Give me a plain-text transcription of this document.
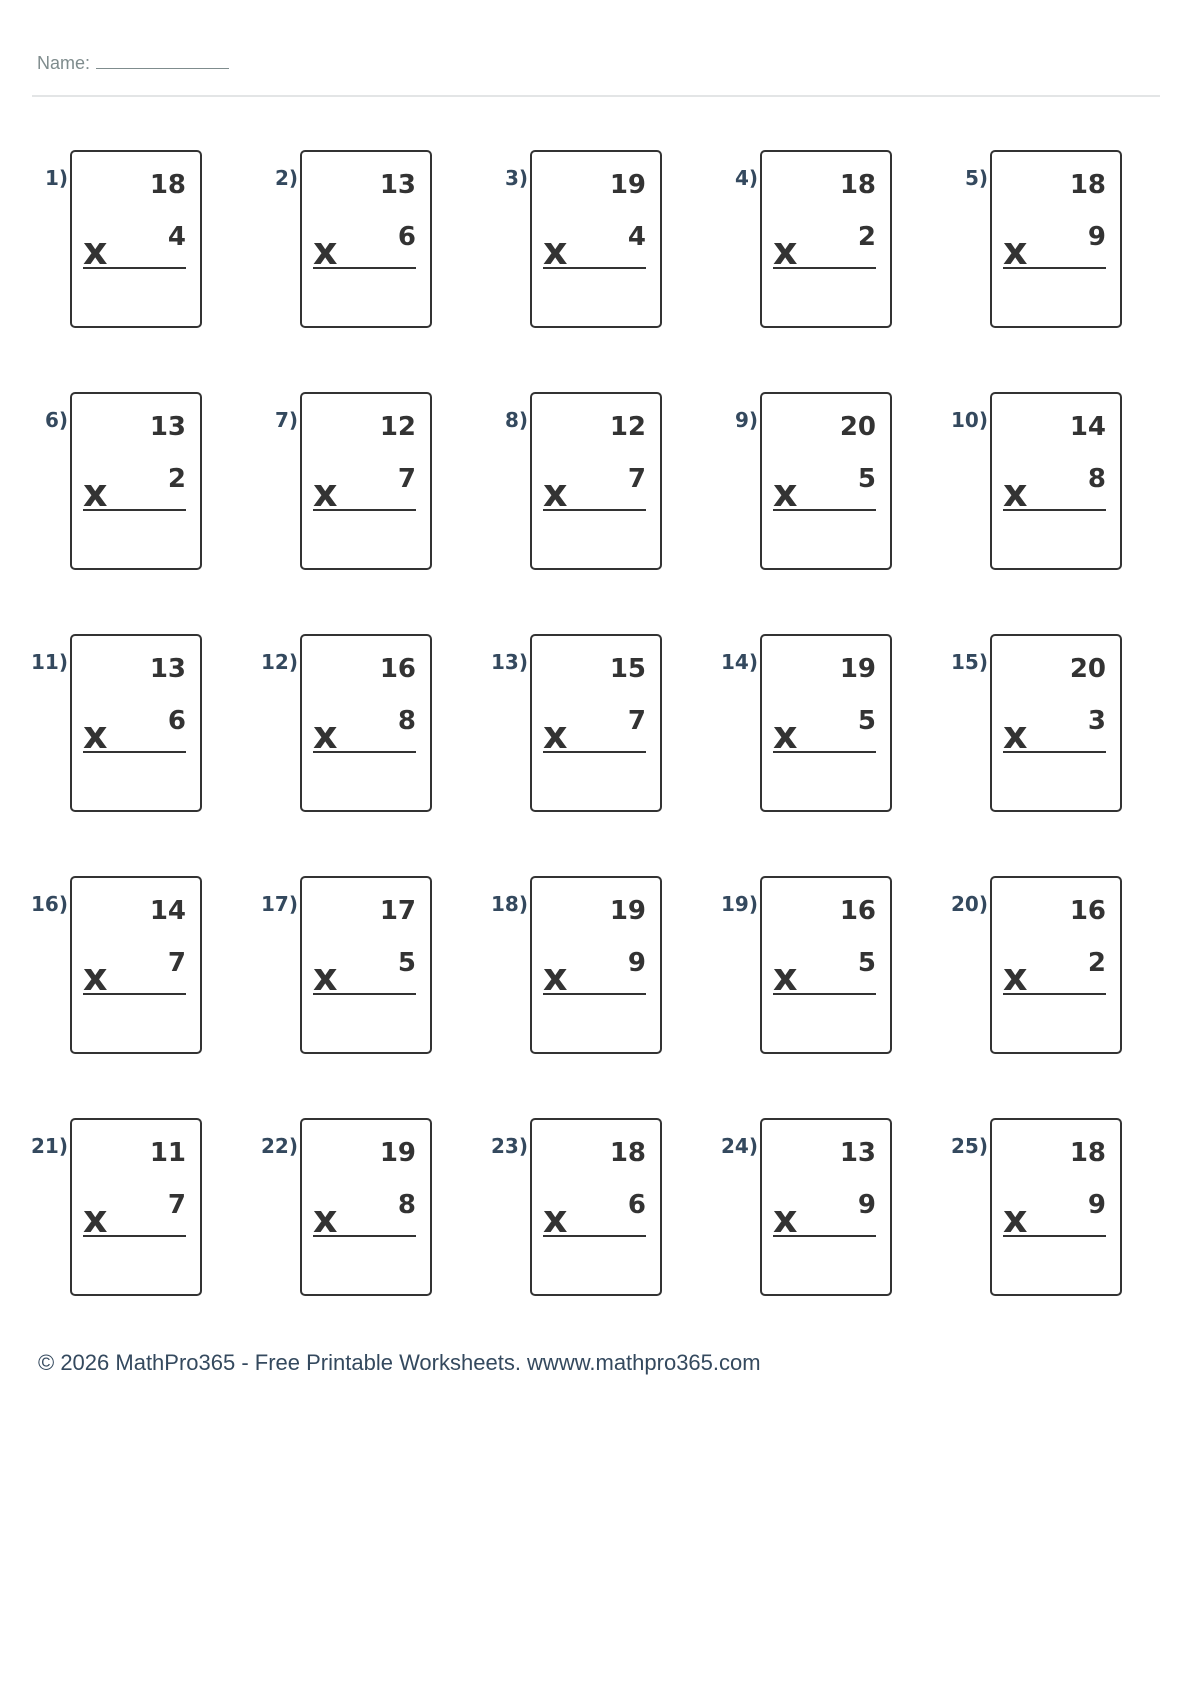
Name:
1)	18
4
x
2)	13
6
x
3)	19
4
x
4)	18
2
x
5)	18
9
x
6)	13
2
x
7)	12
7
x
8)	12
7
x
9)	20
5
x
10)	14
8
x
11)	13
6
x
12)	16
8
x
13)	15
7
x
14)	19
5
x
15)	20
3
x
16)	14
7
x
17)	17
5
x
18)	19
9
x
19)	16
5
x
20)	16
2
x
21)	11
7
x
22)	19
8
x
23)	18
6
x
24)	13
9
x
25)	18
9
x
© 2026 MathPro365 - Free Printable Worksheets. wwww.mathpro365.com
